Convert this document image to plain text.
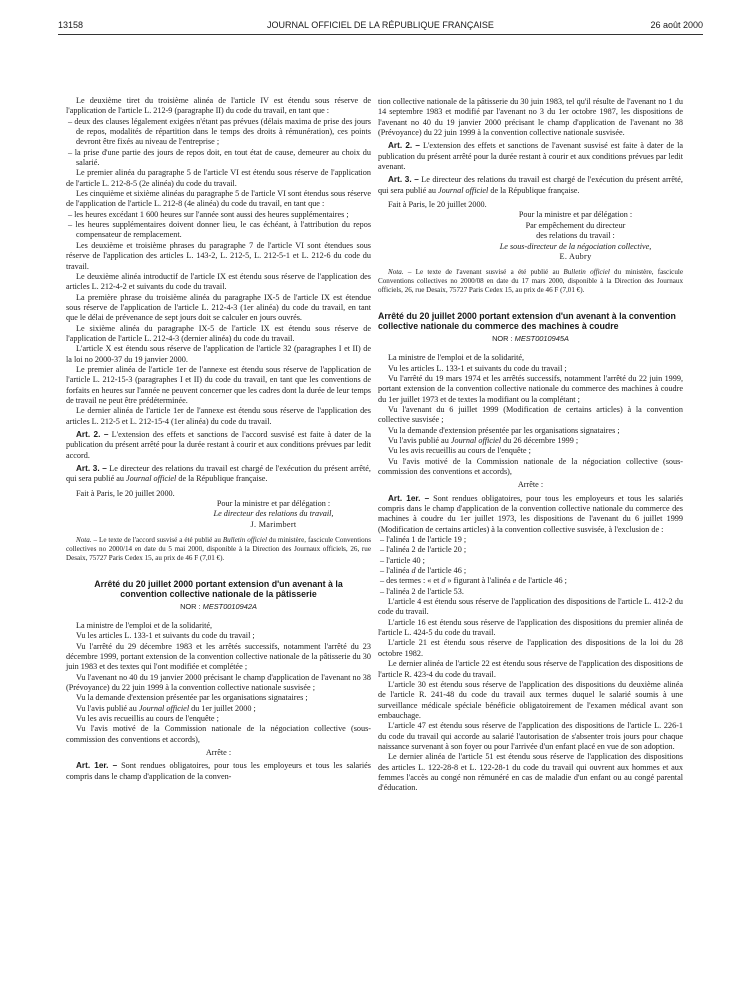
13158	JOURNAL OFFICIEL DE LA RÉPUBLIQUE FRANÇAISE	26 août 2000

Le deuxième tiret du troisième alinéa de l'article IV est étendu sous réserve de l'application de l'article L. 212-9 (paragraphe II) du code du travail, en tant que :

– deux des clauses légalement exigées n'étant pas prévues (délais maxima de prise des jours de repos, modalités de répartition dans le temps des droits à rémunération), ces points devront être fixés au niveau de l'entreprise ;

– la prise d'une partie des jours de repos doit, en tout état de cause, demeurer au choix du salarié.

Le premier alinéa du paragraphe 5 de l'article VI est étendu sous réserve de l'application de l'article L. 212-8-5 (2e alinéa) du code du travail.

Les cinquième et sixième alinéas du paragraphe 5 de l'article VI sont étendus sous réserve de l'application de l'article L. 212-8 (4e alinéa) du code du travail, en tant que :

– les heures excédant 1 600 heures sur l'année sont aussi des heures supplémentaires ;

– les heures supplémentaires doivent donner lieu, le cas échéant, à l'attribution du repos compensateur de remplacement.

Les deuxième et troisième phrases du paragraphe 7 de l'article VI sont étendues sous réserve de l'application des articles L. 143-2, L. 212-5, L. 212-5-1 et L. 212-6 du code du travail.

Le deuxième alinéa introductif de l'article IX est étendu sous réserve de l'application des articles L. 212-4-2 et suivants du code du travail.

La première phrase du troisième alinéa du paragraphe IX-5 de l'article IX est étendue sous réserve de l'application de l'article L. 212-4-3 (1er alinéa) du code du travail, en tant que le délai de prévenance de sept jours doit se calculer en jours ouvrés.

Le sixième alinéa du paragraphe IX-5 de l'article IX est étendu sous réserve de l'application de l'article L. 212-4-3 (dernier alinéa) du code du travail.

L'article X est étendu sous réserve de l'application de l'article 32 (paragraphes I et II) de la loi no 2000-37 du 19 janvier 2000.

Le premier alinéa de l'article 1er de l'annexe est étendu sous réserve de l'application de l'article L. 212-15-3 (paragraphes I et II) du code du travail, en tant que les conventions de forfaits en heures sur l'année ne peuvent concerner que les cadres dont la durée de leur temps de travail ne peut être prédéterminée.

Le dernier alinéa de l'article 1er de l'annexe est étendu sous réserve de l'application des articles L. 212-5 et L. 212-15-4 (1er alinéa) du code du travail.

Art. 2. – L'extension des effets et sanctions de l'accord susvisé est faite à dater de la publication du présent arrêté pour la durée restant à courir et aux conditions prévues par ledit accord.

Art. 3. – Le directeur des relations du travail est chargé de l'exécution du présent arrêté, qui sera publié au Journal officiel de la République française.

Fait à Paris, le 20 juillet 2000.

Pour la ministre et par délégation :
Le directeur des relations du travail,
J. Marimbert

Nota. – Le texte de l'accord susvisé a été publié au Bulletin officiel du ministère, fascicule Conventions collectives no 2000/14 en date du 5 mai 2000, disponible à la Direction des Journaux officiels, 26, rue Desaix, 75727 Paris Cedex 15, au prix de 46 F (7,01 €).

Arrêté du 20 juillet 2000 portant extension d'un avenant à la convention collective nationale de la pâtisserie
NOR : MEST0010942A

La ministre de l'emploi et de la solidarité,

Vu les articles L. 133-1 et suivants du code du travail ;

Vu l'arrêté du 29 décembre 1983 et les arrêtés successifs, notamment l'arrêté du 23 décembre 1999, portant extension de la convention collective nationale de la pâtisserie du 30 juin 1983 et des textes qui l'ont modifiée et complétée ;

Vu l'avenant no 40 du 19 janvier 2000 précisant le champ d'application de l'avenant no 38 (Prévoyance) du 22 juin 1999 à la convention collective nationale susvisée ;

Vu la demande d'extension présentée par les organisations signataires ;

Vu l'avis publié au Journal officiel du 1er juillet 2000 ;

Vu les avis recueillis au cours de l'enquête ;

Vu l'avis motivé de la Commission nationale de la négociation collective (sous-commission des conventions et accords),

Arrête :

Art. 1er. – Sont rendues obligatoires, pour tous les employeurs et tous les salariés compris dans le champ d'application de la conven-

tion collective nationale de la pâtisserie du 30 juin 1983, tel qu'il résulte de l'avenant no 1 du 14 septembre 1983 et modifié par l'avenant no 3 du 1er octobre 1987, les dispositions de l'avenant no 40 du 19 janvier 2000 précisant le champ d'application de l'avenant no 38 (Prévoyance) du 22 juin 1999 à la convention collective nationale susvisée.

Art. 2. – L'extension des effets et sanctions de l'avenant susvisé est faite à dater de la publication du présent arrêté pour la durée restant à courir et aux conditions prévues par ledit avenant.

Art. 3. – Le directeur des relations du travail est chargé de l'exécution du présent arrêté, qui sera publié au Journal officiel de la République française.

Fait à Paris, le 20 juillet 2000.

Pour la ministre et par délégation :
Par empêchement du directeur
des relations du travail :
Le sous-directeur de la négociation collective,
E. Aubry

Nota. – Le texte de l'avenant susvisé a été publié au Bulletin officiel du ministère, fascicule Conventions collectives no 2000/08 en date du 17 mars 2000, disponible à la Direction des Journaux officiels, 26, rue Desaix, 75727 Paris Cedex 15, au prix de 46 F (7,01 €).

Arrêté du 20 juillet 2000 portant extension d'un avenant à la convention collective nationale du commerce des machines à coudre
NOR : MEST0010945A

La ministre de l'emploi et de la solidarité,

Vu les articles L. 133-1 et suivants du code du travail ;

Vu l'arrêté du 19 mars 1974 et les arrêtés successifs, notamment l'arrêté du 22 juin 1999, portant extension de la convention collective nationale du commerce des machines à coudre du 1er juillet 1973 et de textes la modifiant ou la complétant ;

Vu l'avenant du 6 juillet 1999 (Modification de certains articles) à la convention collective susvisée ;

Vu la demande d'extension présentée par les organisations signataires ;

Vu l'avis publié au Journal officiel du 26 décembre 1999 ;

Vu les avis recueillis au cours de l'enquête ;

Vu l'avis motivé de la Commission nationale de la négociation collective (sous-commission des conventions et accords),

Arrête :

Art. 1er. – Sont rendues obligatoires, pour tous les employeurs et tous les salariés compris dans le champ d'application de la convention collective nationale du commerce des machines à coudre du 1er juillet 1973, les dispositions de l'avenant du 6 juillet 1999 (Modification de certains articles) à la convention collective susvisée, à l'exclusion de :

– l'alinéa 1 de l'article 19 ;

– l'alinéa 2 de l'article 20 ;

– l'article 40 ;

– l'alinéa d de l'article 46 ;

– des termes : « et d » figurant à l'alinéa e de l'article 46 ;

– l'alinéa 2 de l'article 53.

L'article 4 est étendu sous réserve de l'application des dispositions de l'article L. 412-2 du code du travail.

L'article 16 est étendu sous réserve de l'application des dispositions du premier alinéa de l'article L. 424-5 du code du travail.

L'article 21 est étendu sous réserve de l'application des dispositions de la loi du 28 octobre 1982.

Le dernier alinéa de l'article 22 est étendu sous réserve de l'application des dispositions de l'article R. 423-4 du code du travail.

L'article 30 est étendu sous réserve de l'application des dispositions du deuxième alinéa de l'article R. 241-48 du code du travail aux termes duquel le salarié soumis à une surveillance médicale spéciale bénéficie obligatoirement de l'examen médical avant son embauchage.

L'article 47 est étendu sous réserve de l'application des dispositions de l'article L. 226-1 du code du travail qui accorde au salarié l'autorisation de s'absenter trois jours pour chaque naissance survenant à son foyer ou pour l'arrivée d'un enfant placé en vue de son adoption.

Le dernier alinéa de l'article 51 est étendu sous réserve de l'application des dispositions des articles L. 122-28-8 et L. 122-28-1 du code du travail qui ouvrent aux hommes et aux femmes l'accès au congé non rémunéré en cas de maladie d'un enfant ou au congé parental d'éducation.
